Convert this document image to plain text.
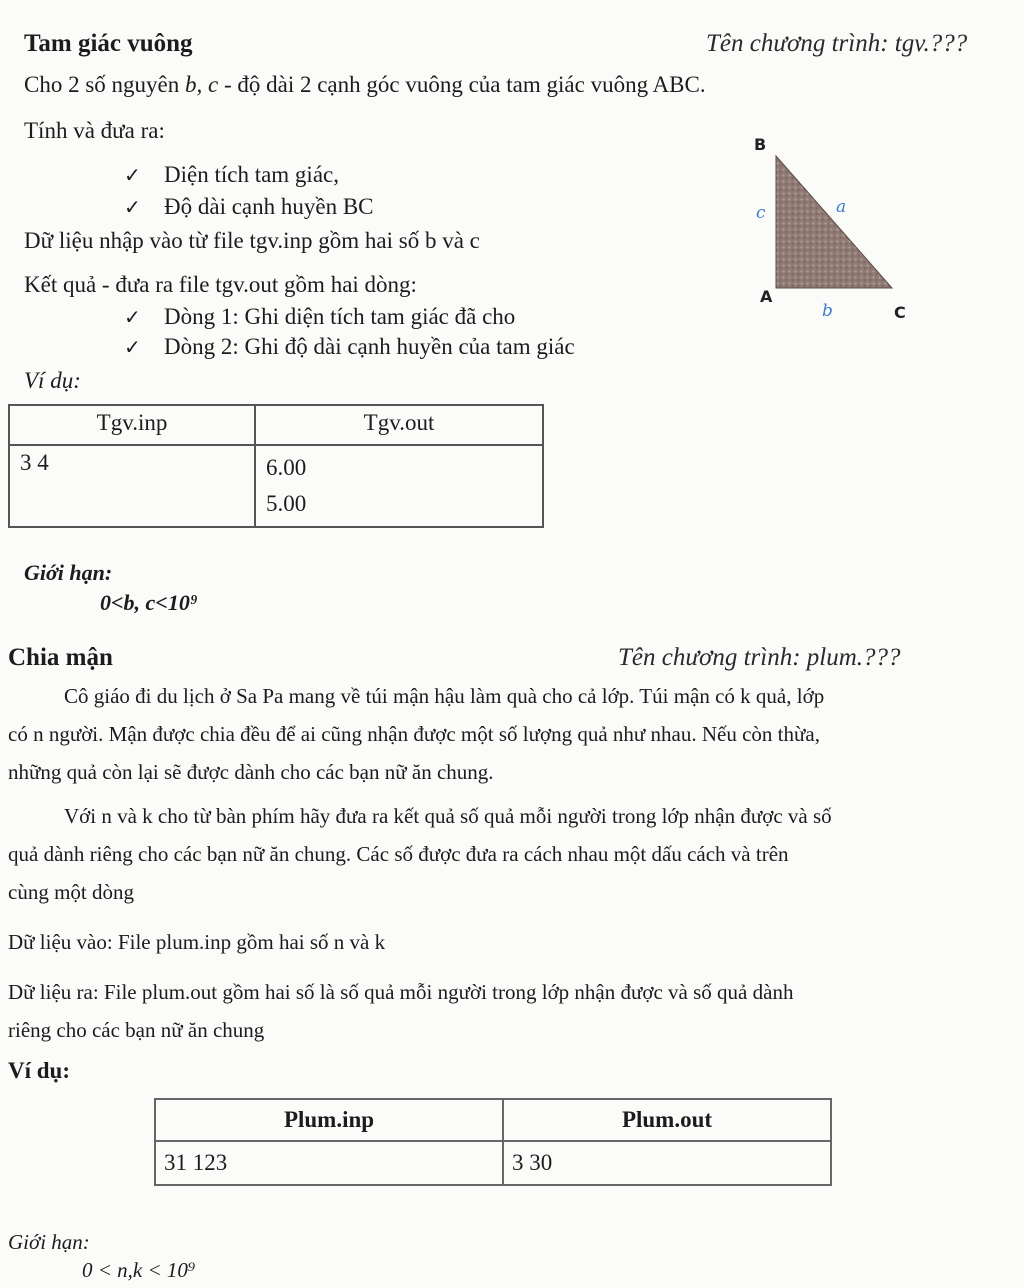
Tam giác vuông	Tên chương trình: tgv.???
Cho 2 số nguyên b, c - độ dài 2 cạnh góc vuông của tam giác vuông ABC.
Tính và đưa ra:
✓ Diện tích tam giác,
✓ Độ dài cạnh huyền BC
Dữ liệu nhập vào từ file tgv.inp gồm hai số b và c
Kết quả - đưa ra file tgv.out gồm hai dòng:
✓ Dòng 1: Ghi diện tích tam giác đã cho
✓ Dòng 2: Ghi độ dài cạnh huyền của tam giác
Ví dụ:
B
A
C
c	a
b
Tgv.inp	Tgv.out
3 4	6.00
5.00
Giới hạn:
0<b, c<10⁹
Chia mận	Tên chương trình: plum.???
Cô giáo đi du lịch ở Sa Pa mang về túi mận hậu làm quà cho cả lớp. Túi mận có k quả, lớp
có n người. Mận được chia đều để ai cũng nhận được một số lượng quả như nhau. Nếu còn thừa,
những quả còn lại sẽ được dành cho các bạn nữ ăn chung.
Với n và k cho từ bàn phím hãy đưa ra kết quả số quả mỗi người trong lớp nhận được và số
quả dành riêng cho các bạn nữ ăn chung. Các số được đưa ra cách nhau một dấu cách và trên
cùng một dòng
Dữ liệu vào: File plum.inp gồm hai số n và k
Dữ liệu ra: File plum.out gồm hai số là số quả mỗi người trong lớp nhận được và số quả dành
riêng cho các bạn nữ ăn chung
Ví dụ:
Plum.inp	Plum.out
31 123	3 30
Giới hạn:
0 < n,k < 10⁹
